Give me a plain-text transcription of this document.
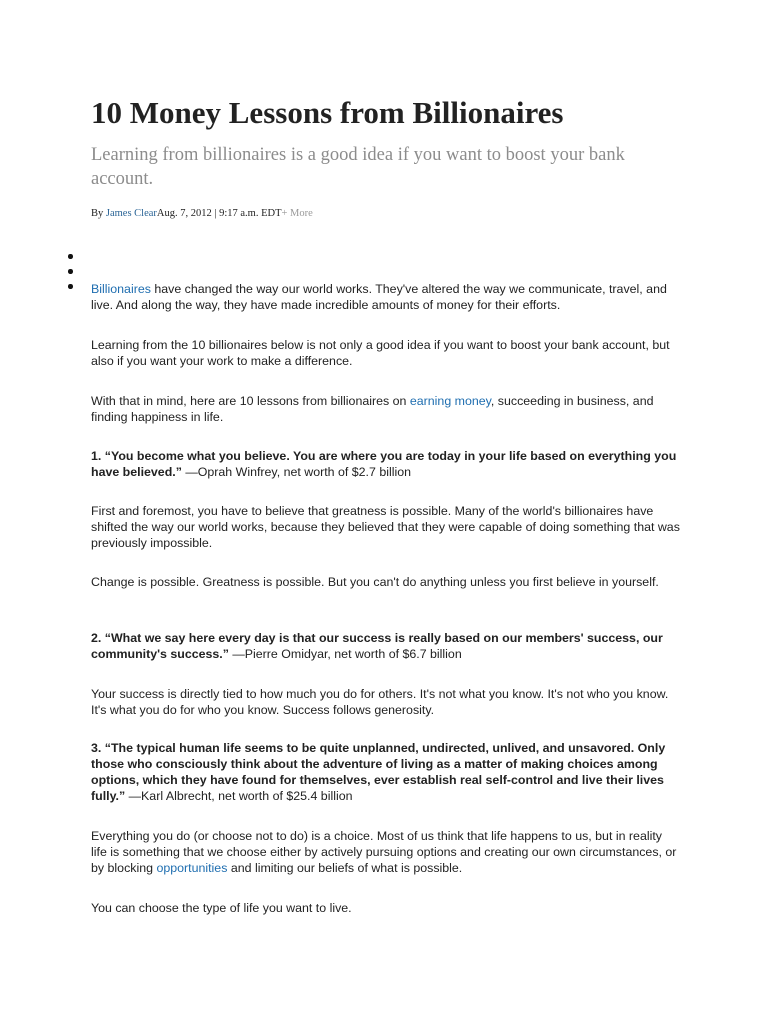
10 Money Lessons from Billionaires

Learning from billionaires is a good idea if you want to boost your bank account.

By James ClearAug. 7, 2012 | 9:17 a.m. EDT+ More

Billionaires have changed the way our world works. They've altered the way we communicate, travel, and live. And along the way, they have made incredible amounts of money for their efforts.

Learning from the 10 billionaires below is not only a good idea if you want to boost your bank account, but also if you want your work to make a difference.

With that in mind, here are 10 lessons from billionaires on earning money, succeeding in business, and finding happiness in life.

1. “You become what you believe. You are where you are today in your life based on everything you have believed.” —Oprah Winfrey, net worth of $2.7 billion

First and foremost, you have to believe that greatness is possible. Many of the world's billionaires have shifted the way our world works, because they believed that they were capable of doing something that was previously impossible.

Change is possible. Greatness is possible. But you can't do anything unless you first believe in yourself.

2. “What we say here every day is that our success is really based on our members' success, our community's success.” —Pierre Omidyar, net worth of $6.7 billion

Your success is directly tied to how much you do for others. It's not what you know. It's not who you know. It's what you do for who you know. Success follows generosity.

3. “The typical human life seems to be quite unplanned, undirected, unlived, and unsavored. Only those who consciously think about the adventure of living as a matter of making choices among options, which they have found for themselves, ever establish real self-control and live their lives fully.” —Karl Albrecht, net worth of $25.4 billion

Everything you do (or choose not to do) is a choice. Most of us think that life happens to us, but in reality life is something that we choose either by actively pursuing options and creating our own circumstances, or by blocking opportunities and limiting our beliefs of what is possible.

You can choose the type of life you want to live.
